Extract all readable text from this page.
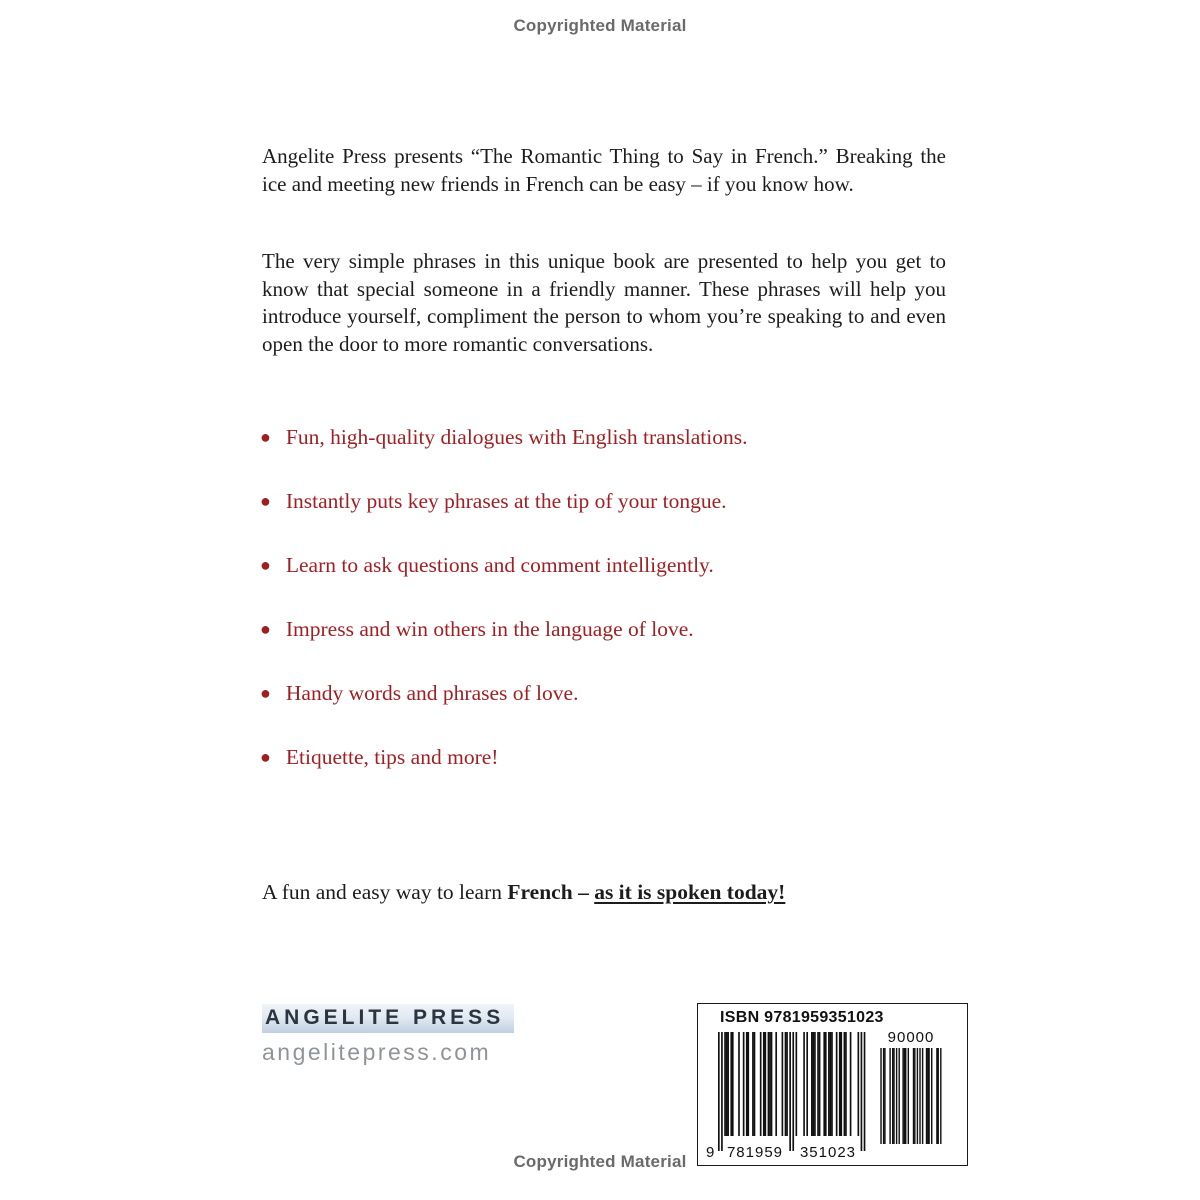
Copyrighted Material

Angelite Press presents “The Romantic Thing to Say in French.” Breaking the ice and meeting new friends in French can be easy – if you know how.

The very simple phrases in this unique book are presented to help you get to know that special someone in a friendly manner. These phrases will help you introduce yourself, compliment the person to whom you’re speaking to and even open the door to more romantic conversations.

● Fun, high-quality dialogues with English translations.
● Instantly puts key phrases at the tip of your tongue.
● Learn to ask questions and comment intelligently.
● Impress and win others in the language of love.
● Handy words and phrases of love.
● Etiquette, tips and more!

A fun and easy way to learn French – as it is spoken today!

ANGELITE PRESS
angelitepress.com
ISBN 9781959351023
9 781959 351023
90000
Copyrighted Material
